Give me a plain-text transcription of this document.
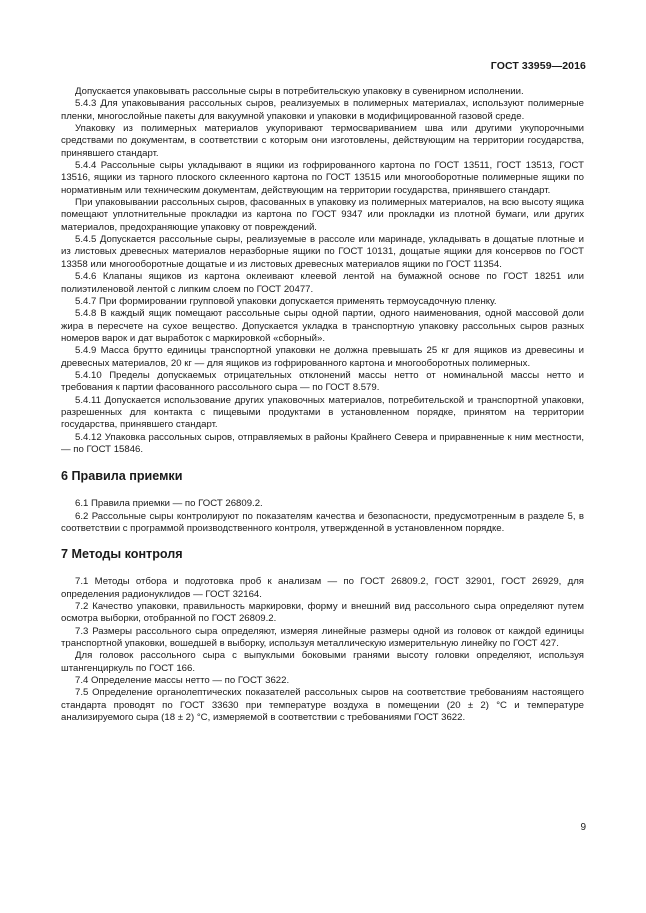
ГОСТ 33959—2016

Допускается упаковывать рассольные сыры в потребительскую упаковку в сувенирном исполнении.

5.4.3 Для упаковывания рассольных сыров, реализуемых в полимерных материалах, используют полимерные пленки, многослойные пакеты для вакуумной упаковки и упаковки в модифицированной газовой среде.

Упаковку из полимерных материалов укупоривают термосвариванием шва или другими укупорочными средствами по документам, в соответствии с которым они изготовлены, действующим на территории государства, принявшего стандарт.

5.4.4 Рассольные сыры укладывают в ящики из гофрированного картона по ГОСТ 13511, ГОСТ 13513, ГОСТ 13516, ящики из тарного плоского склеенного картона по ГОСТ 13515 или многооборотные полимерные ящики по нормативным или техническим документам, действующим на территории государства, принявшего стандарт.

При упаковывании рассольных сыров, фасованных в упаковку из полимерных материалов, на всю высоту ящика помещают уплотнительные прокладки из картона по ГОСТ 9347 или прокладки из плотной бумаги, или других материалов, предохраняющие упаковку от повреждений.

5.4.5 Допускается рассольные сыры, реализуемые в рассоле или маринаде, укладывать в дощатые плотные и из листовых древесных материалов неразборные ящики по ГОСТ 10131, дощатые ящики для консервов по ГОСТ 13358 или многооборотные дощатые и из листовых древесных материалов ящики по ГОСТ 11354.

5.4.6 Клапаны ящиков из картона оклеивают клеевой лентой на бумажной основе по ГОСТ 18251 или полиэтиленовой лентой с липким слоем по ГОСТ 20477.

5.4.7 При формировании групповой упаковки допускается применять термоусадочную пленку.

5.4.8 В каждый ящик помещают рассольные сыры одной партии, одного наименования, одной массовой доли жира в пересчете на сухое вещество. Допускается укладка в транспортную упаковку рассольных сыров разных номеров варок и дат выработок с маркировкой «сборный».

5.4.9 Масса брутто единицы транспортной упаковки не должна превышать 25 кг для ящиков из древесины и древесных материалов, 20 кг — для ящиков из гофрированного картона и многооборотных полимерных.

5.4.10 Пределы допускаемых отрицательных отклонений массы нетто от номинальной массы нетто и требования к партии фасованного рассольного сыра — по ГОСТ 8.579.

5.4.11 Допускается использование других упаковочных материалов, потребительской и транспортной упаковки, разрешенных для контакта с пищевыми продуктами в установленном порядке, принятом на территории государства, принявшего стандарт.

5.4.12 Упаковка рассольных сыров, отправляемых в районы Крайнего Севера и приравненные к ним местности, — по ГОСТ 15846.

6 Правила приемки

6.1 Правила приемки — по ГОСТ 26809.2.

6.2 Рассольные сыры контролируют по показателям качества и безопасности, предусмотренным в разделе 5, в соответствии с программой производственного контроля, утвержденной в установленном порядке.

7 Методы контроля

7.1 Методы отбора и подготовка проб к анализам — по ГОСТ 26809.2, ГОСТ 32901, ГОСТ 26929, для определения радионуклидов — ГОСТ 32164.

7.2 Качество упаковки, правильность маркировки, форму и внешний вид рассольного сыра определяют путем осмотра выборки, отобранной по ГОСТ 26809.2.

7.3 Размеры рассольного сыра определяют, измеряя линейные размеры одной из головок от каждой единицы транспортной упаковки, вошедшей в выборку, используя металлическую измерительную линейку по ГОСТ 427.

Для головок рассольного сыра с выпуклыми боковыми гранями высоту головки определяют, используя штангенциркуль по ГОСТ 166.

7.4 Определение массы нетто — по ГОСТ 3622.

7.5 Определение органолептических показателей рассольных сыров на соответствие требованиям настоящего стандарта проводят по ГОСТ 33630 при температуре воздуха в помещении (20 ± 2) °С и температуре анализируемого сыра (18 ± 2) °С, измеряемой в соответствии с требованиями ГОСТ 3622.

9
